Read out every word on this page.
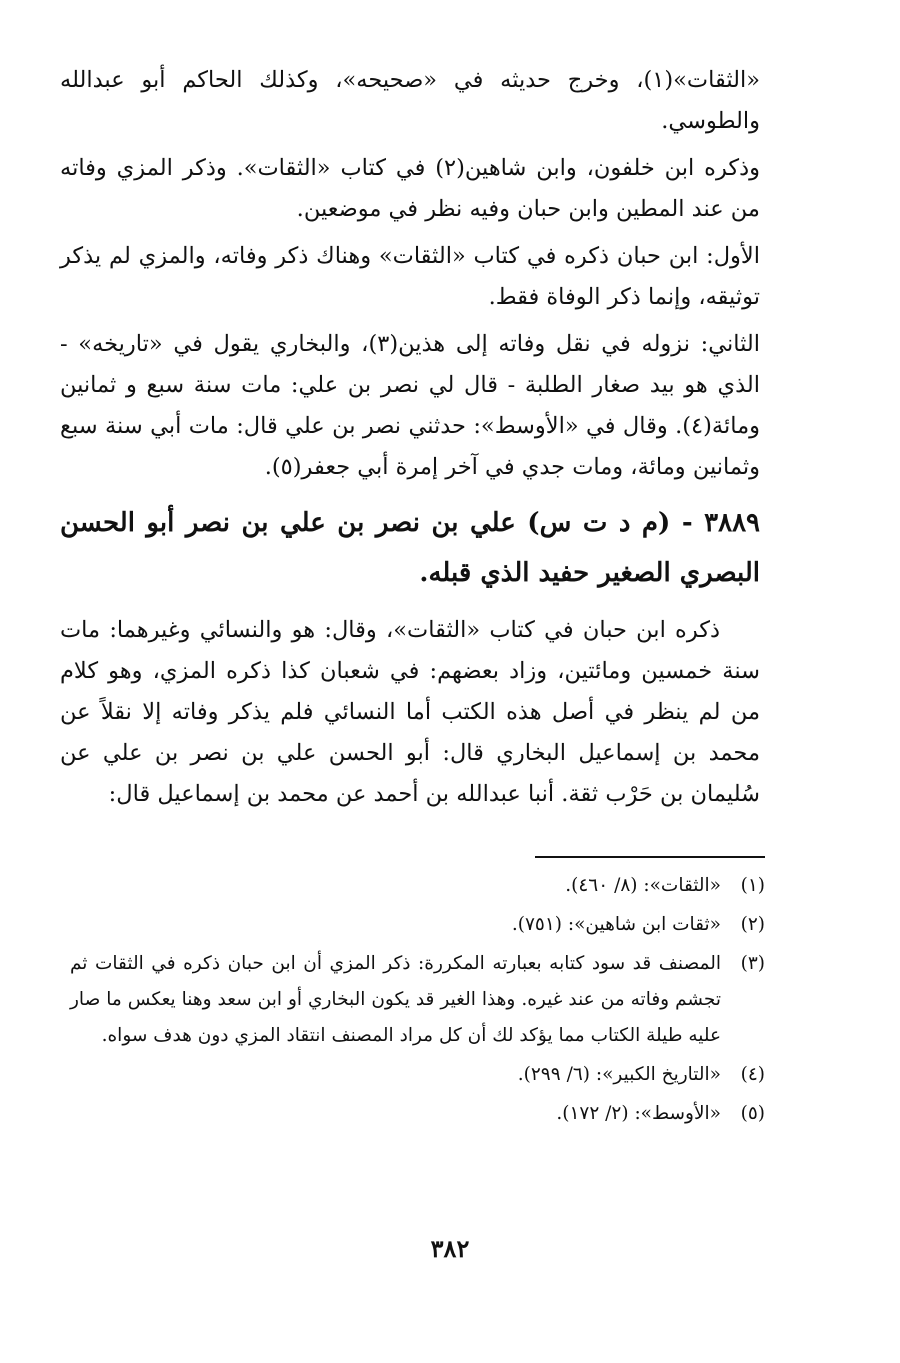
«الثقات»(١)، وخرج حديثه في «صحيحه»، وكذلك الحاكم أبو عبدالله والطوسي.

وذكره ابن خلفون، وابن شاهين(٢) في كتاب «الثقات». وذكر المزي وفاته من عند المطين وابن حبان وفيه نظر في موضعين.

الأول: ابن حبان ذكره في كتاب «الثقات» وهناك ذكر وفاته، والمزي لم يذكر توثيقه، وإنما ذكر الوفاة فقط.

الثاني: نزوله في نقل وفاته إلى هذين(٣)، والبخاري يقول في «تاريخه» - الذي هو بيد صغار الطلبة - قال لي نصر بن علي: مات سنة سبع و ثمانين ومائة(٤). وقال في «الأوسط»: حدثني نصر بن علي قال: مات أبي سنة سبع وثمانين ومائة، ومات جدي في آخر إمرة أبي جعفر(٥).

٣٨٨٩ - (م د ت س) علي بن نصر بن علي بن نصر أبو الحسن البصري الصغير حفيد الذي قبله.

ذكره ابن حبان في كتاب «الثقات»، وقال: هو والنسائي وغيرهما: مات سنة خمسين ومائتين، وزاد بعضهم: في شعبان كذا ذكره المزي، وهو كلام من لم ينظر في أصل هذه الكتب أما النسائي فلم يذكر وفاته إلا نقلاً عن محمد بن إسماعيل البخاري قال: أبو الحسن علي بن نصر بن علي عن سُليمان بن حَرْب ثقة. أنبا عبدالله بن أحمد عن محمد بن إسماعيل قال:

(١)«الثقات»: (٨/ ٤٦٠).

(٢)«ثقات ابن شاهين»: (٧٥١).

(٣)المصنف قد سود كتابه بعبارته المكررة: ذكر المزي أن ابن حبان ذكره في الثقات ثم تجشم وفاته من عند غيره. وهذا الغير قد يكون البخاري أو ابن سعد وهنا يعكس ما صار عليه طيلة الكتاب مما يؤكد لك أن كل مراد المصنف انتقاد المزي دون هدف سواه.

(٤)«التاريخ الكبير»: (٦/ ٢٩٩).

(٥)«الأوسط»: (٢/ ١٧٢).

٣٨٢
